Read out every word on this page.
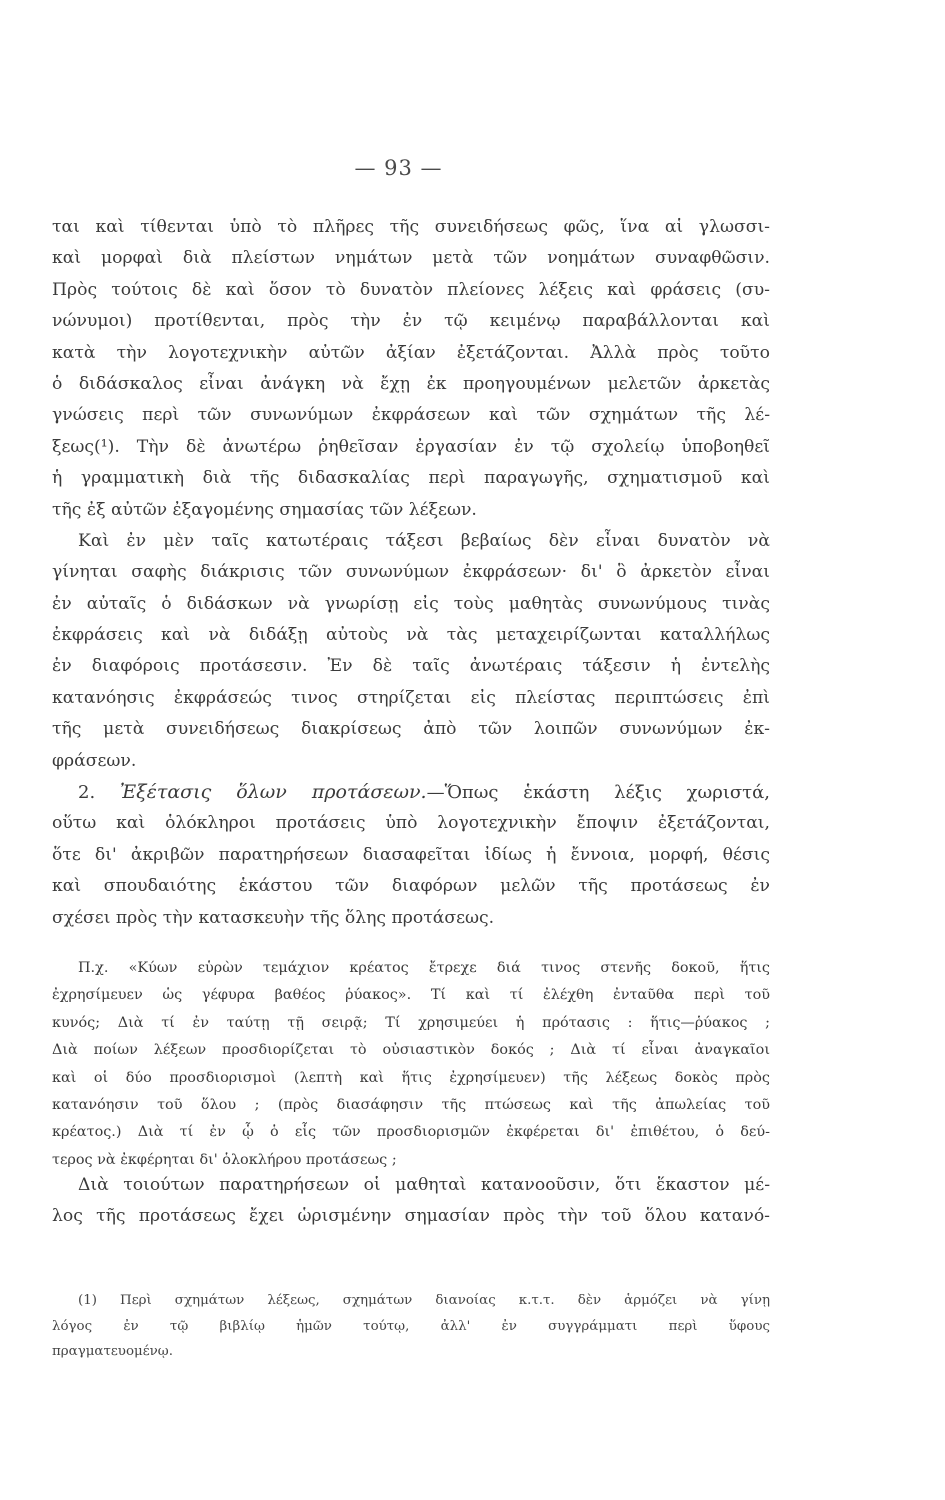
— 93 —
ται καὶ τίθενται ὑπὸ τὸ πλῆρες τῆς συνειδήσεως φῶς, ἵνα αἱ γλωσσι-
καὶ μορφαὶ διὰ πλείστων νημάτων μετὰ τῶν νοημάτων συναφθῶσιν.
Πρὸς τούτοις δὲ καὶ ὅσον τὸ δυνατὸν πλείονες λέξεις καὶ φράσεις (συ-
νώνυμοι) προτίθενται, πρὸς τὴν ἐν τῷ κειμένῳ παραβάλλονται καὶ
κατὰ τὴν λογοτεχνικὴν αὐτῶν ἀξίαν ἐξετάζονται. Ἀλλὰ πρὸς τοῦτο
ὁ διδάσκαλος εἶναι ἀνάγκη νὰ ἔχῃ ἐκ προηγουμένων μελετῶν ἀρκετὰς
γνώσεις περὶ τῶν συνωνύμων ἐκφράσεων καὶ τῶν σχημάτων τῆς λέ-
ξεως(¹). Τὴν δὲ ἀνωτέρω ῥηθεῖσαν ἐργασίαν ἐν τῷ σχολείῳ ὑποβοηθεῖ
ἡ γραμματικὴ διὰ τῆς διδασκαλίας περὶ παραγωγῆς, σχηματισμοῦ καὶ
τῆς ἐξ αὐτῶν ἐξαγομένης σημασίας τῶν λέξεων.
Καὶ ἐν μὲν ταῖς κατωτέραις τάξεσι βεβαίως δὲν εἶναι δυνατὸν νὰ
γίνηται σαφὴς διάκρισις τῶν συνωνύμων ἐκφράσεων· δι' ὃ ἀρκετὸν εἶναι
ἐν αὐταῖς ὁ διδάσκων νὰ γνωρίσῃ εἰς τοὺς μαθητὰς συνωνύμους τινὰς
ἐκφράσεις καὶ νὰ διδάξῃ αὐτοὺς νὰ τὰς μεταχειρίζωνται καταλλήλως
ἐν διαφόροις προτάσεσιν. Ἐν δὲ ταῖς ἀνωτέραις τάξεσιν ἡ ἐντελὴς
κατανόησις ἐκφράσεώς τινος στηρίζεται εἰς πλείστας περιπτώσεις ἐπὶ
τῆς μετὰ συνειδήσεως διακρίσεως ἀπὸ τῶν λοιπῶν συνωνύμων ἐκ-
φράσεων.
2. Ἐξέτασις ὅλων προτάσεων.—Ὅπως ἑκάστη λέξις χωριστά,
οὕτω καὶ ὁλόκληροι προτάσεις ὑπὸ λογοτεχνικὴν ἔποψιν ἐξετάζονται,
ὅτε δι' ἀκριβῶν παρατηρήσεων διασαφεῖται ἰδίως ἡ ἔννοια, μορφή, θέσις
καὶ σπουδαιότης ἑκάστου τῶν διαφόρων μελῶν τῆς προτάσεως ἐν
σχέσει πρὸς τὴν κατασκευὴν τῆς ὅλης προτάσεως.
Π.χ. «Κύων εὑρὼν τεμάχιον κρέατος ἔτρεχε διά τινος στενῆς δοκοῦ, ἥτις
ἐχρησίμευεν ὡς γέφυρα βαθέος ῥύακος». Τί καὶ τί ἐλέχθη ἐνταῦθα περὶ τοῦ
κυνός; Διὰ τί ἐν ταύτῃ τῇ σειρᾷ; Τί χρησιμεύει ἡ πρότασις : ἥτις—ῥύακος ;
Διὰ ποίων λέξεων προσδιορίζεται τὸ οὐσιαστικὸν δοκός ; Διὰ τί εἶναι ἀναγκαῖοι
καὶ οἱ δύο προσδιορισμοὶ (λεπτὴ καὶ ἥτις ἐχρησίμευεν) τῆς λέξεως δοκὸς πρὸς
κατανόησιν τοῦ ὅλου ; (πρὸς διασάφησιν τῆς πτώσεως καὶ τῆς ἀπωλείας τοῦ
κρέατος.) Διὰ τί ἐν ᾧ ὁ εἷς τῶν προσδιορισμῶν ἐκφέρεται δι' ἐπιθέτου, ὁ δεύ-
τερος νὰ ἐκφέρηται δι' ὁλοκλήρου προτάσεως ;
Διὰ τοιούτων παρατηρήσεων οἱ μαθηταὶ κατανοοῦσιν, ὅτι ἕκαστον μέ-
λος τῆς προτάσεως ἔχει ὡρισμένην σημασίαν πρὸς τὴν τοῦ ὅλου κατανό-
(1) Περὶ σχημάτων λέξεως, σχημάτων διανοίας κ.τ.τ. δὲν ἁρμόζει νὰ γίνῃ
λόγος ἐν τῷ βιβλίῳ ἡμῶν τούτῳ, ἀλλ' ἐν συγγράμματι περὶ ὕφους
πραγματευομένῳ.
